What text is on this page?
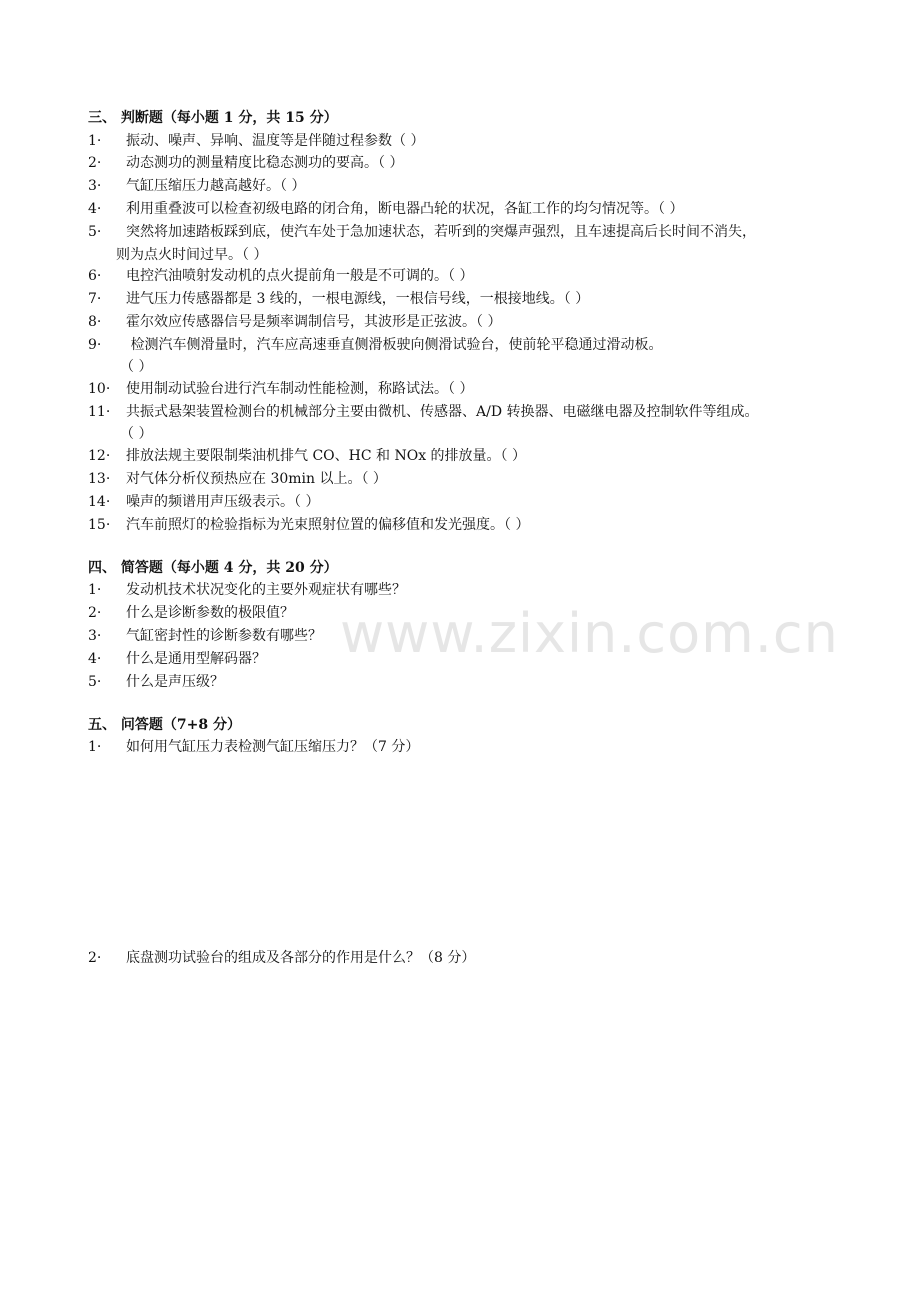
www.zixin.com.cn
三、 判断题（每小题 1 分，共 15 分）
1· 振动、噪声、异响、温度等是伴随过程参数（ ）
2· 动态测功的测量精度比稳态测功的要高。（ ）
3· 气缸压缩压力越高越好。（ ）
4· 利用重叠波可以检查初级电路的闭合角，断电器凸轮的状况，各缸工作的均匀情况等。（ ）
5· 突然将加速踏板踩到底，使汽车处于急加速状态，若听到的突爆声强烈，且车速提高后长时间不消失，
则为点火时间过早。（ ）
6· 电控汽油喷射发动机的点火提前角一般是不可调的。（ ）
7· 进气压力传感器都是 3 线的，一根电源线，一根信号线，一根接地线。（ ）
8· 霍尔效应传感器信号是频率调制信号，其波形是正弦波。（ ）
9· 检测汽车侧滑量时，汽车应高速垂直侧滑板驶向侧滑试验台，使前轮平稳通过滑动板。
（ ）
10· 使用制动试验台进行汽车制动性能检测，称路试法。（ ）
11· 共振式悬架装置检测台的机械部分主要由微机、传感器、A/D 转换器、电磁继电器及控制软件等组成。
（ ）
12· 排放法规主要限制柴油机排气 CO、HC 和 NOx 的排放量。（ ）
13· 对气体分析仪预热应在 30min 以上。（ ）
14· 噪声的频谱用声压级表示。（ ）
15· 汽车前照灯的检验指标为光束照射位置的偏移值和发光强度。（ ）
四、 简答题（每小题 4 分，共 20 分）
1· 发动机技术状况变化的主要外观症状有哪些？
2· 什么是诊断参数的极限值？
3· 气缸密封性的诊断参数有哪些？
4· 什么是通用型解码器？
5· 什么是声压级？
五、 问答题（7+8 分）
1· 如何用气缸压力表检测气缸压缩压力？（7 分）
2· 底盘测功试验台的组成及各部分的作用是什么？（8 分）
